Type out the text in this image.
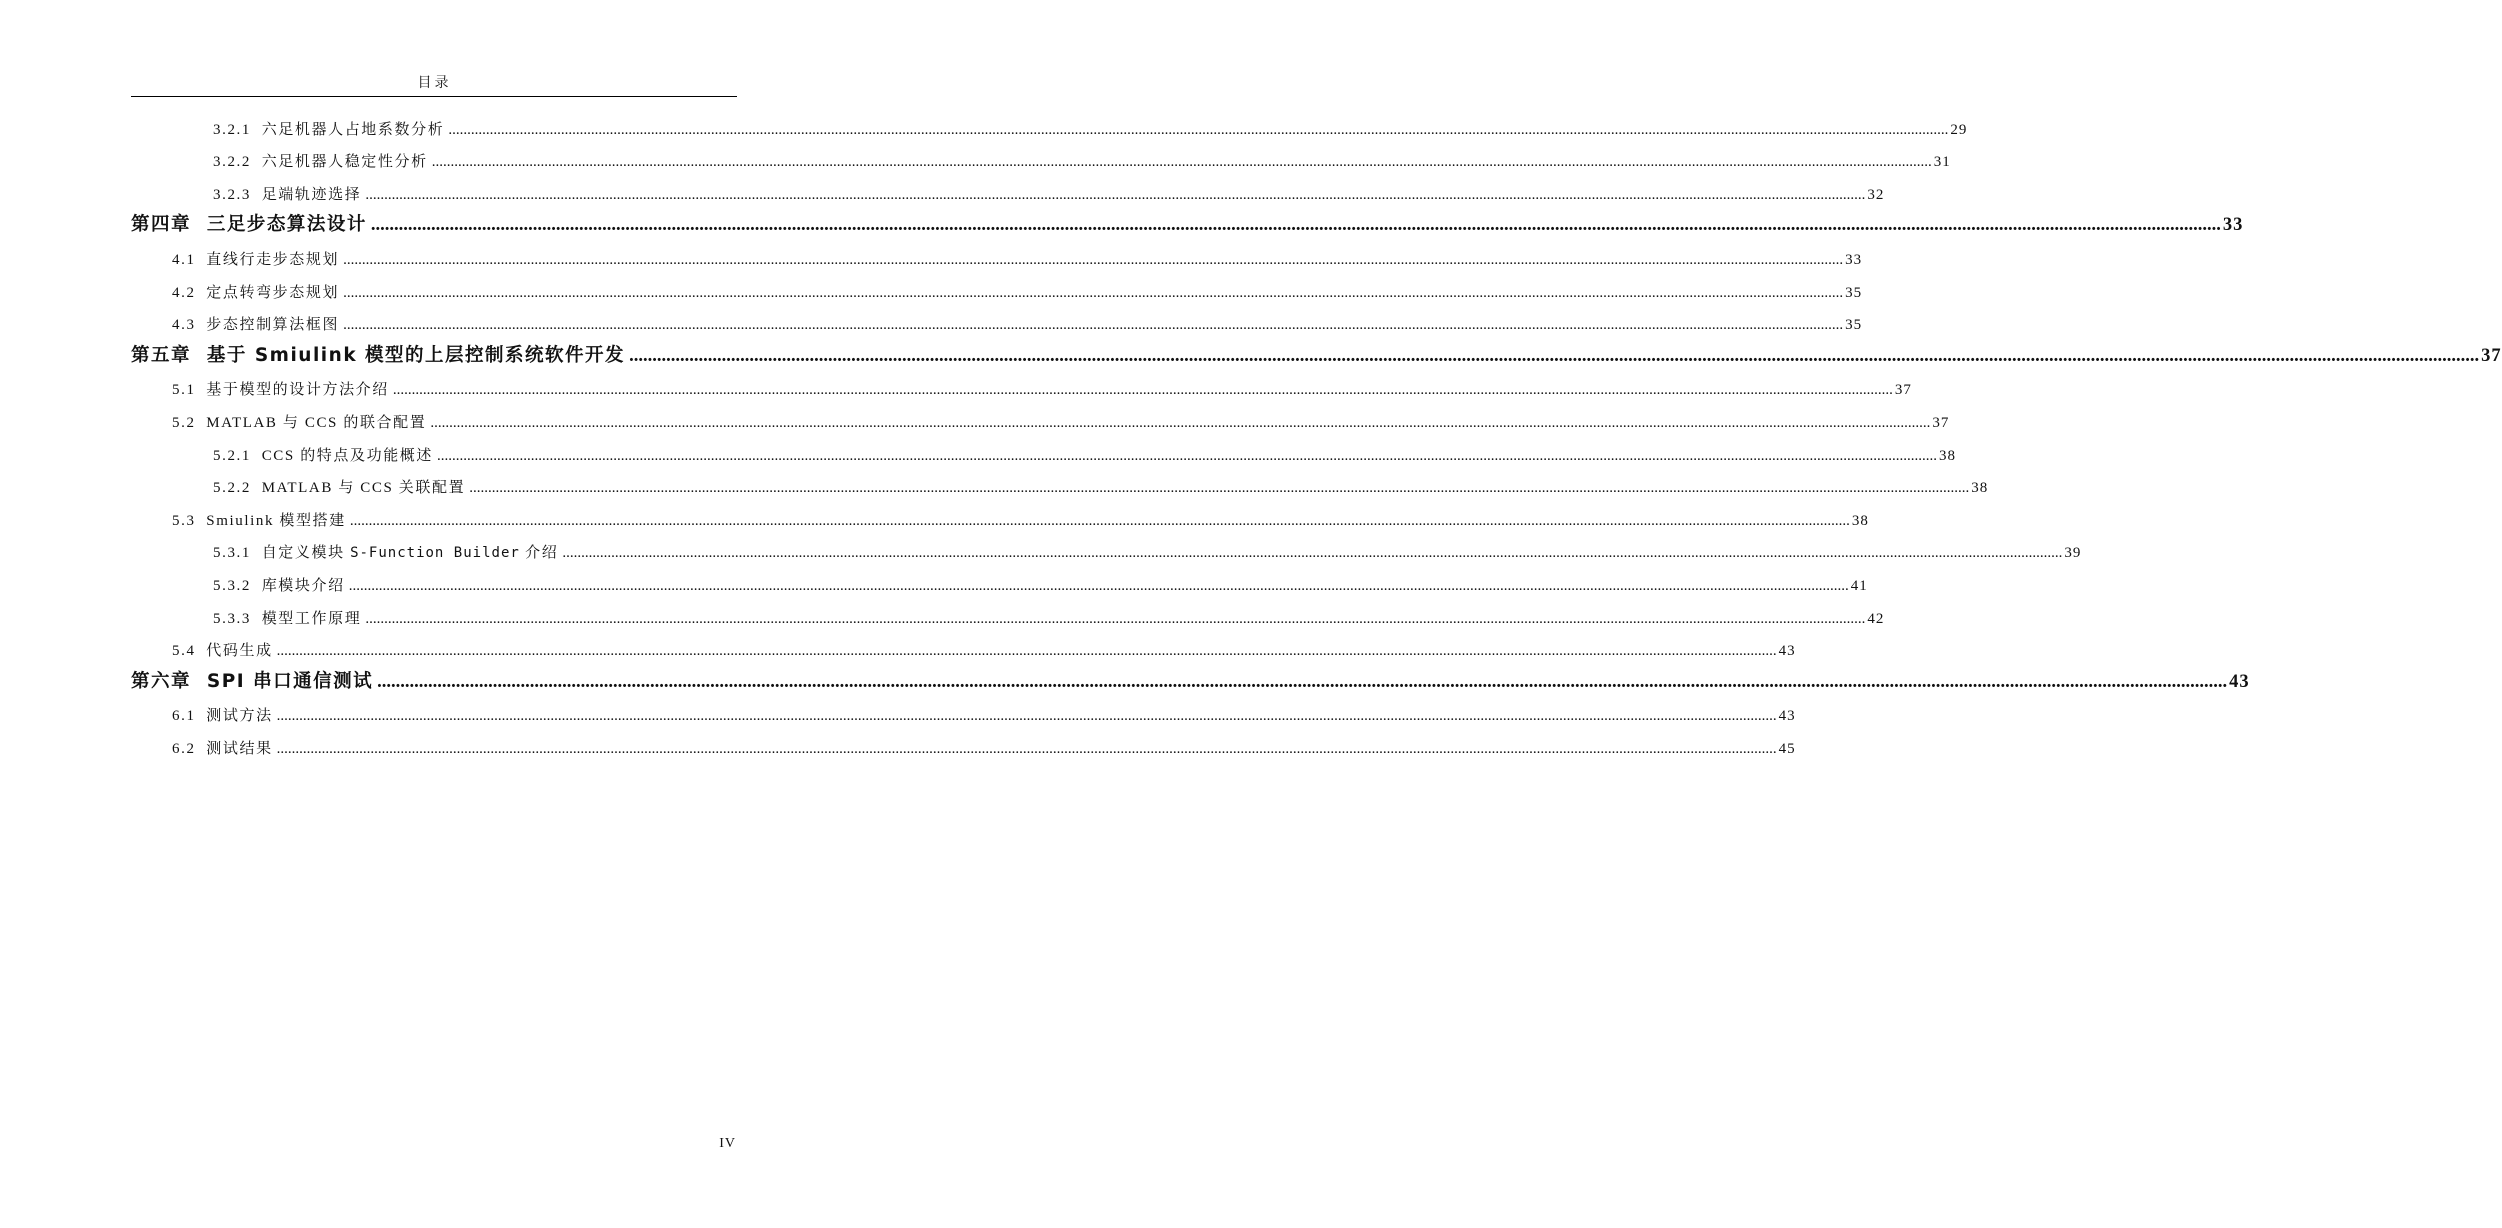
目录
3.2.1 六足机器人占地系数分析 ................................................................................................................................................................................................................................................................................................................................................................................................................ 29
3.2.2 六足机器人稳定性分析 ................................................................................................................................................................................................................................................................................................................................................................................................................ 31
3.2.3 足端轨迹选择 ................................................................................................................................................................................................................................................................................................................................................................................................................ 32
第四章 三足步态算法设计 ................................................................................................................................................................................................................................................................................................................................................................................................................ 33
4.1 直线行走步态规划 ................................................................................................................................................................................................................................................................................................................................................................................................................ 33
4.2 定点转弯步态规划 ................................................................................................................................................................................................................................................................................................................................................................................................................ 35
4.3 步态控制算法框图 ................................................................................................................................................................................................................................................................................................................................................................................................................ 35
第五章 基于 Smiulink 模型的上层控制系统软件开发 ................................................................................................................................................................................................................................................................................................................................................................................................................ 37
5.1 基于模型的设计方法介绍 ................................................................................................................................................................................................................................................................................................................................................................................................................ 37
5.2 MATLAB 与 CCS 的联合配置 ................................................................................................................................................................................................................................................................................................................................................................................................................ 37
5.2.1 CCS 的特点及功能概述 ................................................................................................................................................................................................................................................................................................................................................................................................................ 38
5.2.2 MATLAB 与 CCS 关联配置 ................................................................................................................................................................................................................................................................................................................................................................................................................ 38
5.3 Smiulink 模型搭建 ................................................................................................................................................................................................................................................................................................................................................................................................................ 38
5.3.1 自定义模块 S-Function Builder 介绍 ................................................................................................................................................................................................................................................................................................................................................................................................................ 39
5.3.2 库模块介绍 ................................................................................................................................................................................................................................................................................................................................................................................................................ 41
5.3.3 模型工作原理 ................................................................................................................................................................................................................................................................................................................................................................................................................ 42
5.4 代码生成 ................................................................................................................................................................................................................................................................................................................................................................................................................ 43
第六章 SPI 串口通信测试 ................................................................................................................................................................................................................................................................................................................................................................................................................ 43
6.1 测试方法 ................................................................................................................................................................................................................................................................................................................................................................................................................ 43
6.2 测试结果 ................................................................................................................................................................................................................................................................................................................................................................................................................ 45
IV
